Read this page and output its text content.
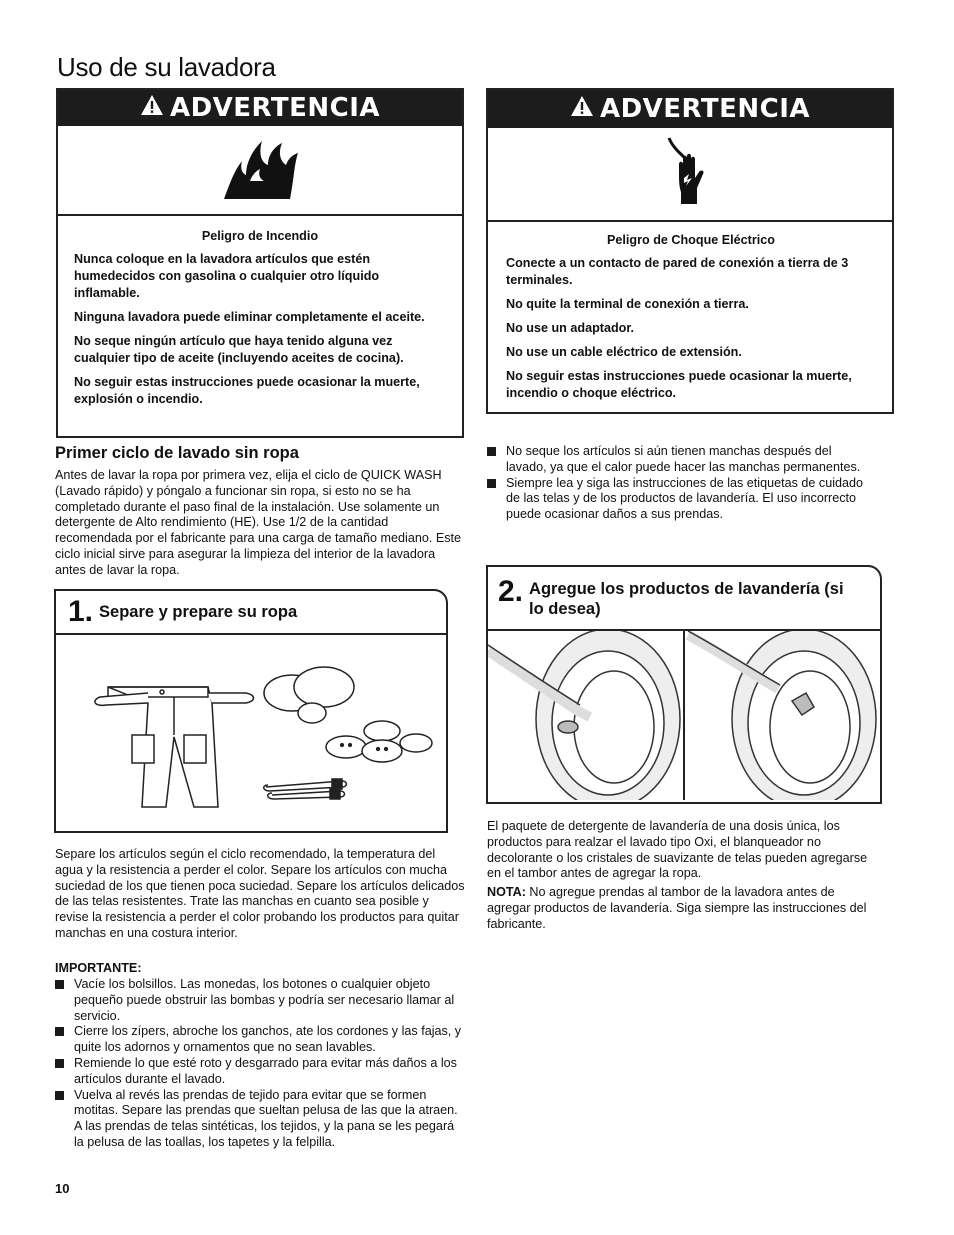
Uso de su lavadora
ADVERTENCIA
Peligro de Incendio

Nunca coloque en la lavadora artículos que estén humedecidos con gasolina o cualquier otro líquido inflamable.

Ninguna lavadora puede eliminar completamente el aceite.

No seque ningún artículo que haya tenido alguna vez cualquier tipo de aceite (incluyendo aceites de cocina).

No seguir estas instrucciones puede ocasionar la muerte, explosión o incendio.

ADVERTENCIA
Peligro de Choque Eléctrico

Conecte a un contacto de pared de conexión a tierra de 3 terminales.

No quite la terminal de conexión a tierra.

No use un adaptador.

No use un cable eléctrico de extensión.

No seguir estas instrucciones puede ocasionar la muerte, incendio o choque eléctrico.

Primer ciclo de lavado sin ropa
Antes de lavar la ropa por primera vez, elija el ciclo de QUICK WASH (Lavado rápido) y póngalo a funcionar sin ropa, si esto no se ha completado durante el paso final de la instalación. Use solamente un detergente de Alto rendimiento (HE). Use 1/2 de la cantidad recomendada por el fabricante para una carga de tamaño mediano. Este ciclo inicial sirve para asegurar la limpieza del interior de la lavadora antes de lavar la ropa.
1. Separe y prepare su ropa
Separe los artículos según el ciclo recomendado, la temperatura del agua y la resistencia a perder el color. Separe los artículos con mucha suciedad de los que tienen poca suciedad. Separe los artículos delicados de las telas resistentes. Trate las manchas en cuanto sea posible y revise la resistencia a perder el color probando los productos para quitar manchas en una costura interior.
IMPORTANTE:
Vacíe los bolsillos. Las monedas, los botones o cualquier objeto pequeño puede obstruir las bombas y podría ser necesario llamar al servicio.
Cierre los zípers, abroche los ganchos, ate los cordones y las fajas, y quite los adornos y ornamentos que no sean lavables.
Remiende lo que esté roto y desgarrado para evitar más daños a los artículos durante el lavado.
Vuelva al revés las prendas de tejido para evitar que se formen motitas. Separe las prendas que sueltan pelusa de las que la atraen. A las prendas de telas sintéticas, los tejidos, y la pana se les pegará la pelusa de las toallas, los tapetes y la felpilla.
No seque los artículos si aún tienen manchas después del lavado, ya que el calor puede hacer las manchas permanentes.
Siempre lea y siga las instrucciones de las etiquetas de cuidado de las telas y de los productos de lavandería. El uso incorrecto puede ocasionar daños a sus prendas.
2. Agregue los productos de lavandería (si lo desea)
El paquete de detergente de lavandería de una dosis única, los productos para realzar el lavado tipo Oxi, el blanqueador no decolorante o los cristales de suavizante de telas pueden agregarse en el tambor antes de agregar la ropa.
NOTA: No agregue prendas al tambor de la lavadora antes de agregar productos de lavandería. Siga siempre las instrucciones del fabricante.
10
